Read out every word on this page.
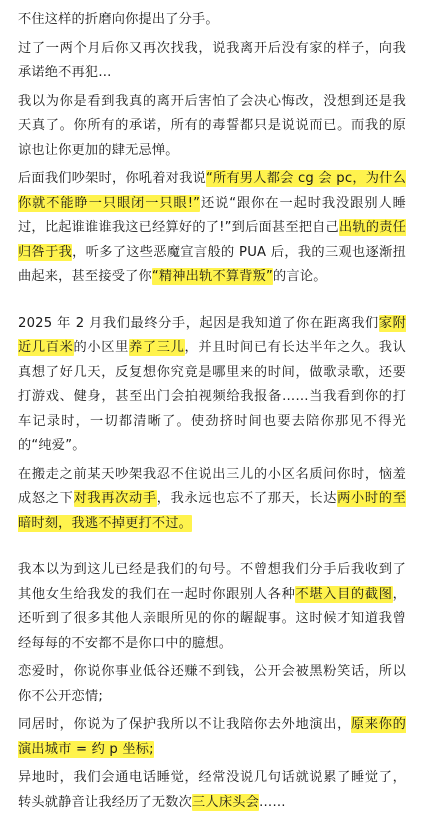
不住这样的折磨向你提出了分手。

过了一两个月后你又再次找我，说我离开后没有家的样子，向我承诺绝不再犯...

我以为你是看到我真的离开后害怕了会决心悔改，没想到还是我天真了。你所有的承诺，所有的毒誓都只是说说而已。而我的原谅也让你更加的肆无忌惮。

后面我们吵架时，你吼着对我说“所有男人都会 cg 会 pc，为什么你就不能睁一只眼闭一只眼!”还说“跟你在一起时我没跟别人睡过，比起谁谁谁我这已经算好的了!”到后面甚至把自己出轨的责任归咎于我，听多了这些恶魔宣言般的 PUA 后，我的三观也逐渐扭曲起来，甚至接受了你“精神出轨不算背叛”的言论。

2025 年 2 月我们最终分手，起因是我知道了你在距离我们家附近几百米的小区里养了三儿，并且时间已有长达半年之久。我认真想了好几天，反复想你究竟是哪里来的时间，做歌录歌，还要打游戏、健身，甚至出门会拍视频给我报备……当我看到你的打车记录时，一切都清晰了。使劲挤时间也要去陪你那见不得光的“纯爱”。

在搬走之前某天吵架我忍不住说出三儿的小区名质问你时，恼羞成怒之下对我再次动手，我永远也忘不了那天，长达两小时的至暗时刻，我逃不掉更打不过。

我本以为到这儿已经是我们的句号。不曾想我们分手后我收到了其他女生给我发的我们在一起时你跟别人各种不堪入目的截图，还听到了很多其他人亲眼所见的你的龌龊事。这时候才知道我曾经每每的不安都不是你口中的臆想。

恋爱时，你说你事业低谷还赚不到钱，公开会被黑粉笑话，所以你不公开恋情;

同居时，你说为了保护我所以不让我陪你去外地演出，原来你的演出城市 = 约 p 坐标;

异地时，我们会通电话睡觉，经常没说几句话就说累了睡觉了，转头就静音让我经历了无数次三人床头会……
